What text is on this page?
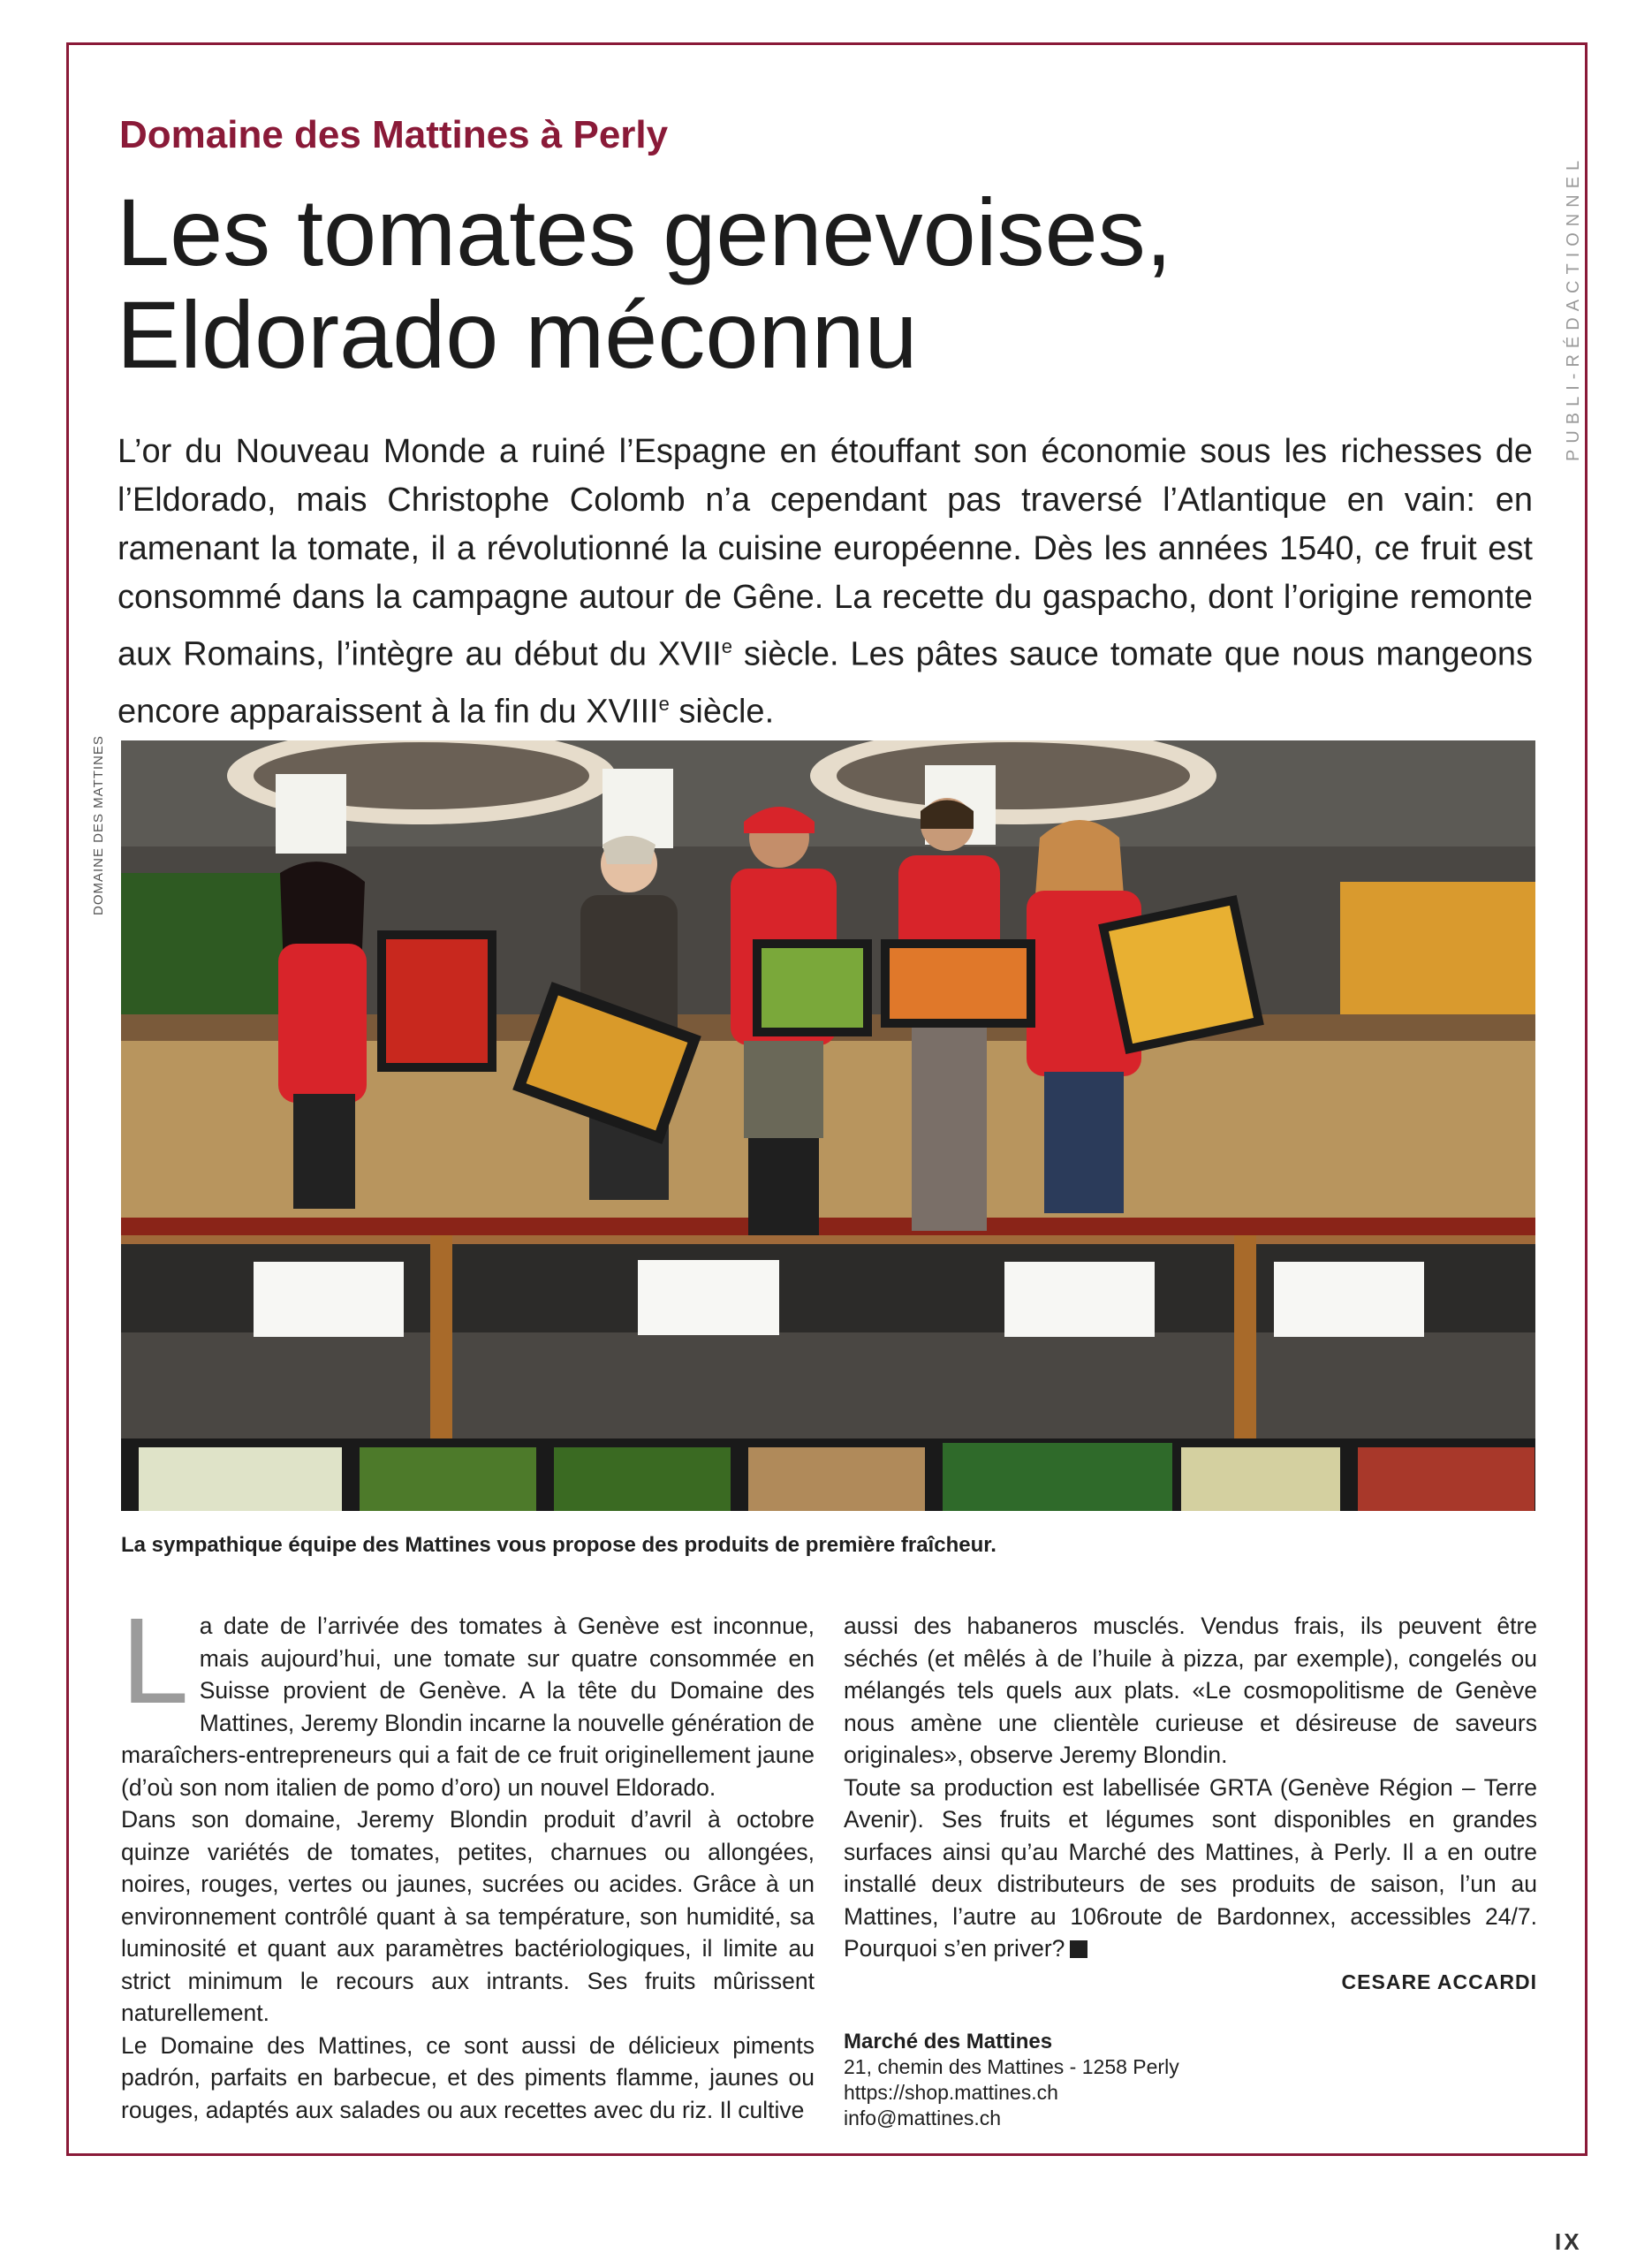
PUBLI-RÉDACTIONNEL
DOMAINE DES MATTINES
Domaine des Mattines à Perly
Les tomates genevoises,
Eldorado méconnu

L’or du Nouveau Monde a ruiné l’Espagne en étouffant son économie sous les richesses de l’Eldorado, mais Christophe Colomb n’a cependant pas traversé l’Atlantique en vain: en ramenant la tomate, il a révolutionné la cuisine européenne. Dès les années 1540, ce fruit est consommé dans la campagne autour de Gêne. La recette du gaspacho, dont l’origine remonte aux Romains, l’intègre au début du XVIIe siècle. Les pâtes sauce tomate que nous mangeons encore apparaissent à la fin du XVIIIe siècle.

La sympathique équipe des Mattines vous propose des produits de première fraîcheur.

La date de l’arrivée des tomates à Genève est inconnue, mais aujourd’hui, une tomate sur quatre consommée en Suisse provient de Genève. A la tête du Domaine des Mattines, Jeremy Blondin incarne la nouvelle génération de maraîchers-entrepreneurs qui a fait de ce fruit originellement jaune (d’où son nom italien de pomo d’oro) un nouvel Eldorado.

Dans son domaine, Jeremy Blondin produit d’avril à octobre quinze variétés de tomates, petites, charnues ou allongées, noires, rouges, vertes ou jaunes, sucrées ou acides. Grâce à un environnement contrôlé quant à sa température, son humidité, sa luminosité et quant aux paramètres bactériologiques, il limite au strict minimum le recours aux intrants. Ses fruits mûrissent naturellement.

Le Domaine des Mattines, ce sont aussi de délicieux piments padrón, parfaits en barbecue, et des piments flamme, jaunes ou rouges, adaptés aux salades ou aux recettes avec du riz. Il cultive

aussi des habaneros musclés. Vendus frais, ils peuvent être séchés (et mêlés à de l’huile à pizza, par exemple), congelés ou mélangés tels quels aux plats. «Le cosmopolitisme de Genève nous amène une clientèle curieuse et désireuse de saveurs originales», observe Jeremy Blondin.

Toute sa production est labellisée GRTA (Genève Région – Terre Avenir). Ses fruits et légumes sont disponibles en grandes surfaces ainsi qu’au Marché des Mattines, à Perly. Il a en outre installé deux distributeurs de ses produits de saison, l’un au Mattines, l’autre au 106route de Bardonnex, accessibles 24/7. Pourquoi s’en priver?

CESARE ACCARDI
Marché des Mattines
21, chemin des Mattines - 1258 Perly
https://shop.mattines.ch
info@mattines.ch
IX
